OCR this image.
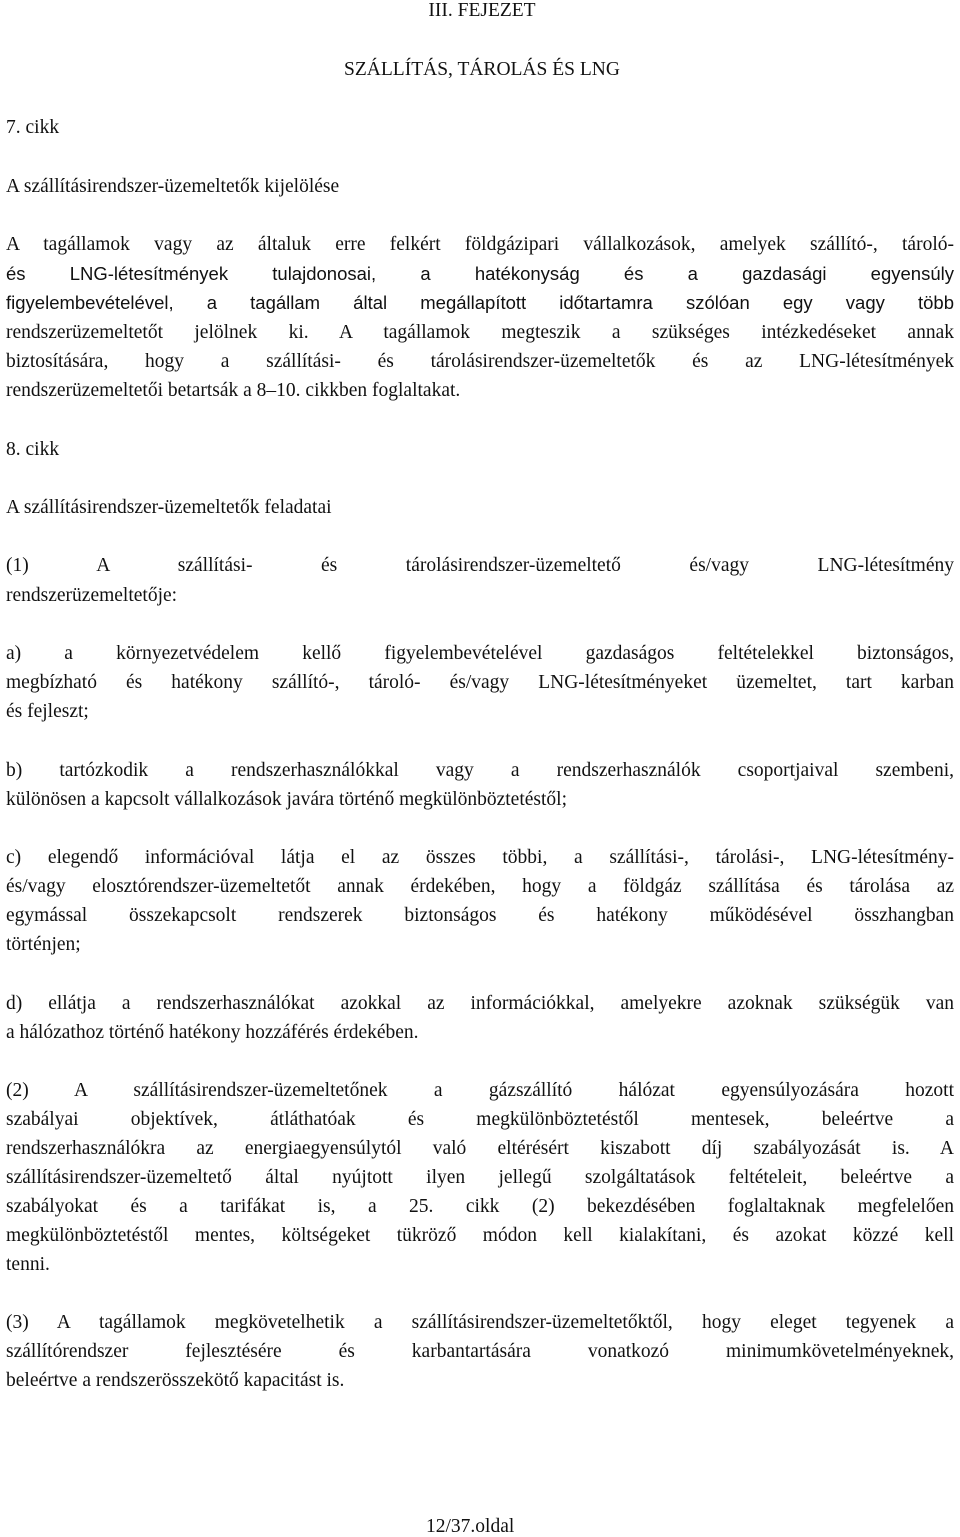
III. FEJEZET
SZÁLLÍTÁS, TÁROLÁS ÉS LNG
7. cikk
A szállításirendszer-üzemeltetők kijelölése
A tagállamok vagy az általuk erre felkért földgázipari vállalkozások, amelyek szállító-, tároló-
és LNG-létesítmények tulajdonosai, a hatékonyság és a gazdasági egyensúly
figyelembevételével, a tagállam által megállapított időtartamra szólóan egy vagy több
rendszerüzemeltetőt jelölnek ki. A tagállamok megteszik a szükséges intézkedéseket annak
biztosítására, hogy a szállítási- és tárolásirendszer-üzemeltetők és az LNG-létesítmények
rendszerüzemeltetői betartsák a 8–10. cikkben foglaltakat.
8. cikk
A szállításirendszer-üzemeltetők feladatai
(1) A szállítási- és tárolásirendszer-üzemeltető és/vagy LNG-létesítmény
rendszerüzemeltetője:
a) a környezetvédelem kellő figyelembevételével gazdaságos feltételekkel biztonságos,
megbízható és hatékony szállító-, tároló- és/vagy LNG-létesítményeket üzemeltet, tart karban
és fejleszt;
b) tartózkodik a rendszerhasználókkal vagy a rendszerhasználók csoportjaival szembeni,
különösen a kapcsolt vállalkozások javára történő megkülönböztetéstől;
c) elegendő információval látja el az összes többi, a szállítási-, tárolási-, LNG-létesítmény-
és/vagy elosztórendszer-üzemeltetőt annak érdekében, hogy a földgáz szállítása és tárolása az
egymással összekapcsolt rendszerek biztonságos és hatékony működésével összhangban
történjen;
d) ellátja a rendszerhasználókat azokkal az információkkal, amelyekre azoknak szükségük van
a hálózathoz történő hatékony hozzáférés érdekében.
(2) A szállításirendszer-üzemeltetőnek a gázszállító hálózat egyensúlyozására hozott
szabályai objektívek, átláthatóak és megkülönböztetéstől mentesek, beleértve a
rendszerhasználókra az energiaegyensúlytól való eltérésért kiszabott díj szabályozását is. A
szállításirendszer-üzemeltető által nyújtott ilyen jellegű szolgáltatások feltételeit, beleértve a
szabályokat és a tarifákat is, a 25. cikk (2) bekezdésében foglaltaknak megfelelően
megkülönböztetéstől mentes, költségeket tükröző módon kell kialakítani, és azokat közzé kell
tenni.
(3) A tagállamok megkövetelhetik a szállításirendszer-üzemeltetőktől, hogy eleget tegyenek a
szállítórendszer fejlesztésére és karbantartására vonatkozó minimumkövetelményeknek,
beleértve a rendszerösszekötő kapacitást is.
12/37.oldal
